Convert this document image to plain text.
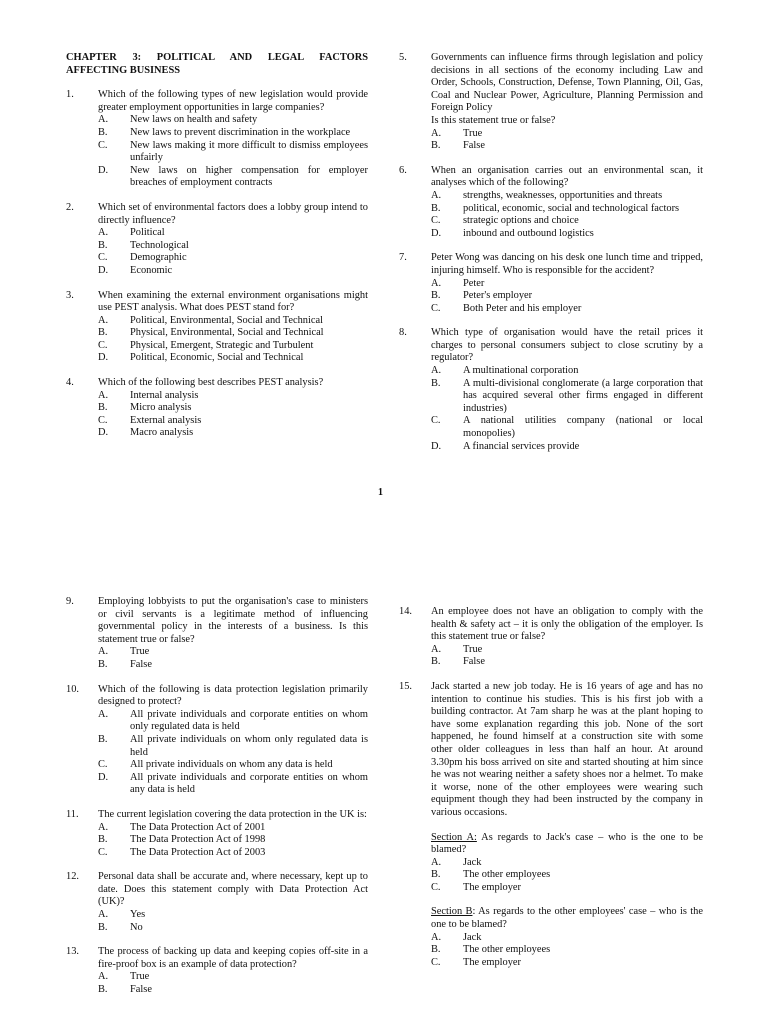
CHAPTER 3: POLITICAL AND LEGAL FACTORS
AFFECTING BUSINESS

1. Which of the following types of new legislation would provide greater employment opportunities in large companies?
A. New laws on health and safety
B. New laws to prevent discrimination in the workplace
C. New laws making it more difficult to dismiss employees unfairly
D. New laws on higher compensation for employer breaches of employment contracts
2. Which set of environmental factors does a lobby group intend to directly influence?
A. Political
B. Technological
C. Demographic
D. Economic
3. When examining the external environment organisations might use PEST analysis. What does PEST stand for?
A. Political, Environmental, Social and Technical
B. Physical, Environmental, Social and Technical
C. Physical, Emergent, Strategic and Turbulent
D. Political, Economic, Social and Technical
4. Which of the following best describes PEST analysis?
A. Internal analysis
B. Micro analysis
C. External analysis
D. Macro analysis
5. Governments can influence firms through legislation and policy decisions in all sections of the economy including Law and Order, Schools, Construction, Defense, Town Planning, Oil, Gas, Coal and Nuclear Power, Agriculture, Planning Permission and Foreign Policy
Is this statement true or false?
A. True
B. False
6. When an organisation carries out an environmental scan, it analyses which of the following?
A. strengths, weaknesses, opportunities and threats
B. political, economic, social and technological factors
C. strategic options and choice
D. inbound and outbound logistics
7. Peter Wong was dancing on his desk one lunch time and tripped, injuring himself. Who is responsible for the accident?
A. Peter
B. Peter's employer
C. Both Peter and his employer
8. Which type of organisation would have the retail prices it charges to personal consumers subject to close scrutiny by a regulator?
A. A multinational corporation
B. A multi-divisional conglomerate (a large corporation that has acquired several other firms engaged in different industries)
C. A national utilities company (national or local monopolies)
D. A financial services provide
1
9. Employing lobbyists to put the organisation's case to ministers or civil servants is a legitimate method of influencing governmental policy in the interests of a business. Is this statement true or false?
A. True
B. False
10. Which of the following is data protection legislation primarily designed to protect?
A. All private individuals and corporate entities on whom only regulated data is held
B. All private individuals on whom only regulated data is held
C. All private individuals on whom any data is held
D. All private individuals and corporate entities on whom any data is held
11. The current legislation covering the data protection in the UK is:
A. The Data Protection Act of 2001
B. The Data Protection Act of 1998
C. The Data Protection Act of 2003
12. Personal data shall be accurate and, where necessary, kept up to date. Does this statement comply with Data Protection Act (UK)?
A. Yes
B. No
13. The process of backing up data and keeping copies off-site in a fire-proof box is an example of data protection?
A. True
B. False
14. An employee does not have an obligation to comply with the health & safety act – it is only the obligation of the employer. Is this statement true or false?
A. True
B. False
15. Jack started a new job today. He is 16 years of age and has no intention to continue his studies. This is his first job with a building contractor. At 7am sharp he was at the plant hoping to have some explanation regarding this job. None of the sort happened, he found himself at a construction site with some other older colleagues in less than half an hour. At around 3.30pm his boss arrived on site and started shouting at him since he was not wearing neither a safety shoes nor a helmet. To make it worse, none of the other employees were wearing such equipment though they had been instructed by the company in various occasions.
Section A: As regards to Jack's case – who is the one to be blamed?
A. Jack
B. The other employees
C. The employer
Section B: As regards to the other employees' case – who is the one to be blamed?
A. Jack
B. The other employees
C. The employer
